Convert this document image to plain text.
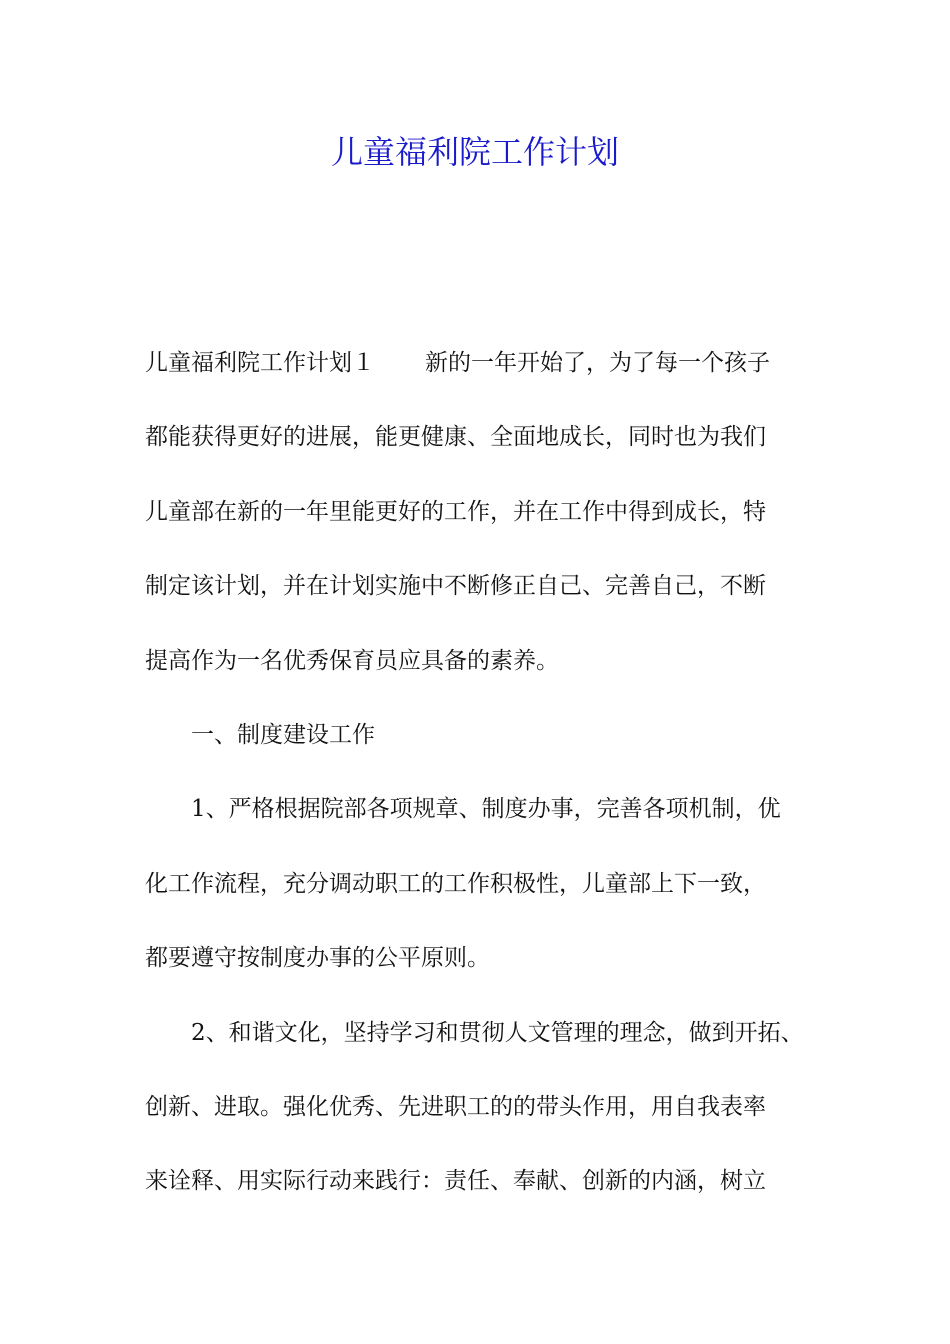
儿童福利院工作计划
儿童福利院工作计划１ 新的一年开始了，为了每一个孩子
都能获得更好的进展，能更健康、全面地成长，同时也为我们
儿童部在新的一年里能更好的工作，并在工作中得到成长，特
制定该计划，并在计划实施中不断修正自己、完善自己，不断
提高作为一名优秀保育员应具备的素养。
一、制度建设工作
1、严格根据院部各项规章、制度办事，完善各项机制，优
化工作流程，充分调动职工的工作积极性，儿童部上下一致，
都要遵守按制度办事的公平原则。
2、和谐文化，坚持学习和贯彻人文管理的理念，做到开拓、
创新、进取。强化优秀、先进职工的的带头作用，用自我表率
来诠释、用实际行动来践行：责任、奉献、创新的内涵，树立
